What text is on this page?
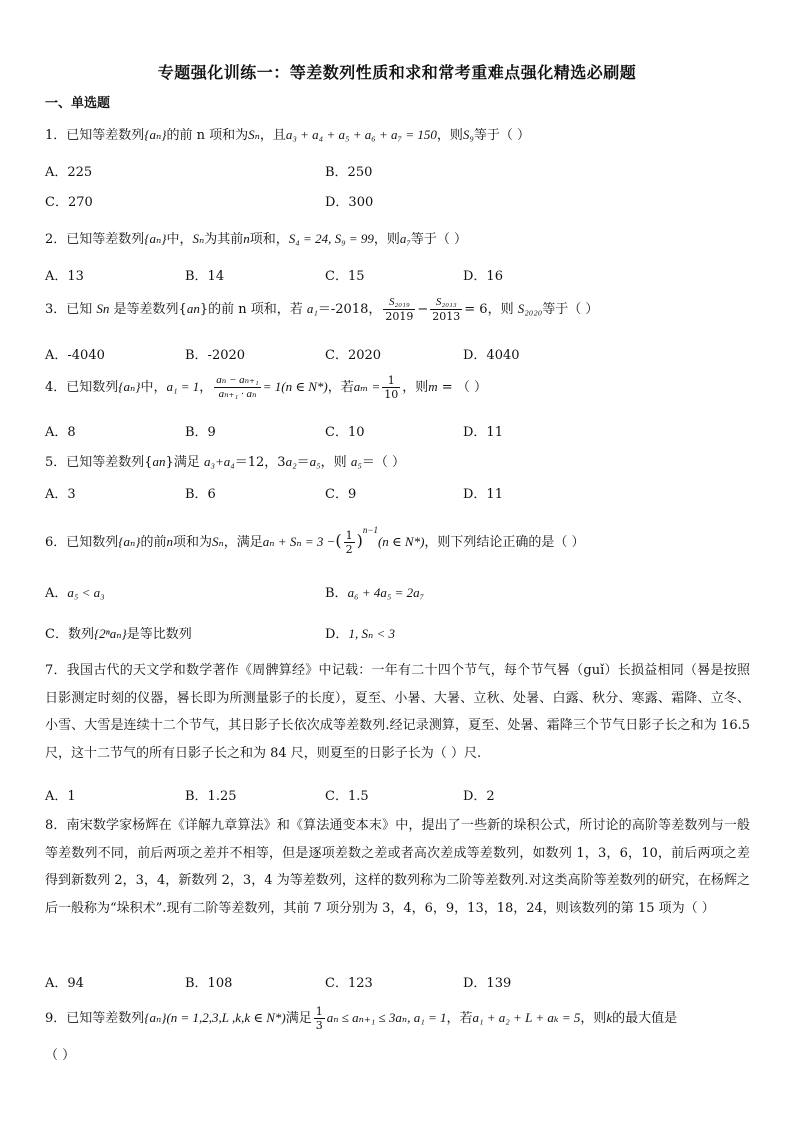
专题强化训练一：等差数列性质和求和常考重难点强化精选必刷题
一、单选题
1．已知等差数列{aₙ}的前 n 项和为Sₙ，且a₃ + a₄ + a₅ + a₆ + a₇ = 150，则S₉等于（ ）
A．225	B．250
C．270	D．300
2．已知等差数列{aₙ}中，Sₙ为其前n项和，S₄ = 24, S₉ = 99，则a₇等于（ ）
A．13	B．14	C．15	D．16
3．已知 Sn 是等差数列{an}的前 n 项和，若 a₁＝-2018， $\frac{\text{S₂₀₁₉}}{2019} - \frac{\text{S₂₀₁₃}}{2013} = 6$，则 S₂₀₂₀等于（ ）
A．-4040	B．-2020	C．2020	D．4040
4．已知数列{aₙ}中，a₁ = 1， $\frac{\text{aₙ − aₙ₊₁}}{\text{aₙ₊₁ · aₙ}} = 1(n$ ∈ N*)，若$a_m = \frac{1}{10}$ ，则m = （ ）
A．8	B．9	C．10	D．11
5．已知等差数列{an}满足 a₃+a₄＝12，3a₂＝a₅，则 a₅＝（ ）
A．3	B．6	C．9	D．11
6．已知数列{aₙ}的前n项和为Sₙ，满足aₙ + Sₙ = 3 −( $\frac{1}{2} )^{n-1}(n$ ∈ N*)，则下列结论正确的是（ ）
A．a₅ < a₃	B．a₆ + 4a₅ = 2a₇
C．数列{2ⁿaₙ}是等比数列	D．1, Sₙ < 3
7．我国古代的天文学和数学著作《周髀算经》中记载：一年有二十四个节气，每个节气晷（guǐ）长损益相同（晷是按照日影测定时刻的仪器，晷长即为所测量影子的长度），夏至、小暑、大暑、立秋、处暑、白露、秋分、寒露、霜降、立冬、小雪、大雪是连续十二个节气，其日影子长依次成等差数列.经记录测算，夏至、处暑、霜降三个节气日影子长之和为 16.5 尺，这十二节气的所有日影子长之和为 84 尺，则夏至的日影子长为（ ）尺.
A．1	B．1.25	C．1.5	D．2
8．南宋数学家杨辉在《详解九章算法》和《算法通变本末》中，提出了一些新的垛积公式，所讨论的高阶等差数列与一般等差数列不同，前后两项之差并不相等，但是逐项差数之差或者高次差成等差数列，如数列 1，3，6，10，前后两项之差得到新数列 2，3，4，新数列 2，3，4 为等差数列，这样的数列称为二阶等差数列.对这类高阶等差数列的研究，在杨辉之后一般称为“垛积术”.现有二阶等差数列，其前 7 项分别为 3，4，6，9，13，18，24，则该数列的第 15 项为（ ）
A．94	B．108	C．123	D．139
9．已知等差数列{aₙ}(n = 1,2,3,L ,k,k ∈ N*)满足 $\frac{1}{3}$ aₙ ≤ aₙ₊₁ ≤ 3aₙ, a₁ = 1，若a₁ + a₂ + L + aₖ = 5，则k的最大值是
（ ）
